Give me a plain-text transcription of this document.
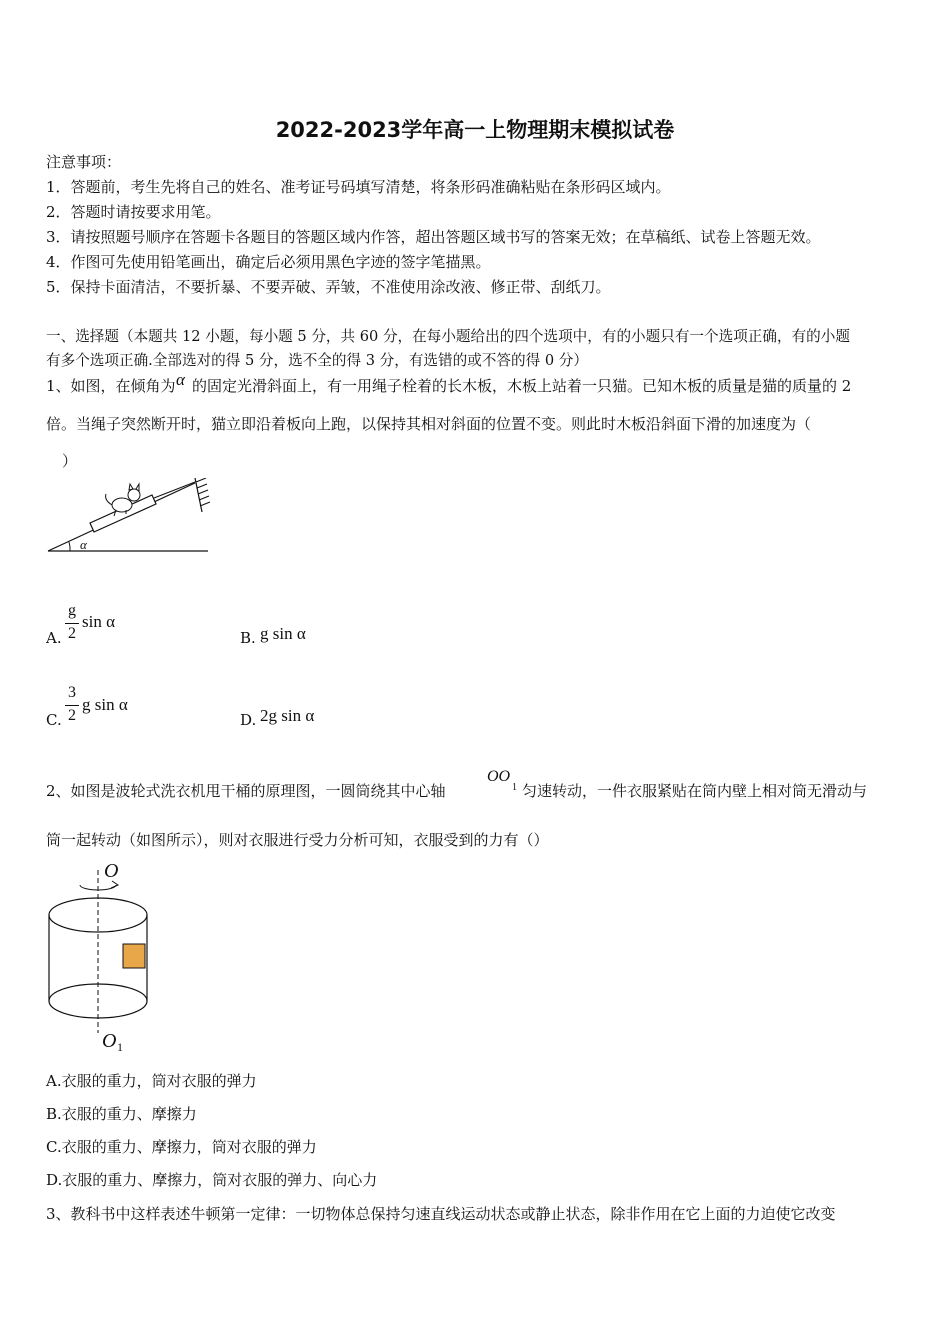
2022-2023学年高一上物理期末模拟试卷
注意事项：
1．答题前，考生先将自己的姓名、准考证号码填写清楚，将条形码准确粘贴在条形码区域内。
2．答题时请按要求用笔。
3．请按照题号顺序在答题卡各题目的答题区域内作答，超出答题区域书写的答案无效；在草稿纸、试卷上答题无效。
4．作图可先使用铅笔画出，确定后必须用黑色字迹的签字笔描黑。
5．保持卡面清洁，不要折暴、不要弄破、弄皱，不准使用涂改液、修正带、刮纸刀。
一、选择题（本题共 12 小题，每小题 5 分，共 60 分，在每小题给出的四个选项中，有的小题只有一个选项正确，有的小题
有多个选项正确.全部选对的得 5 分，选不全的得 3 分，有选错的或不答的得 0 分）
1、如图，在倾角为 α 的固定光滑斜面上，有一用绳子栓着的长木板，木板上站着一只猫。已知木板的质量是猫的质量的 2
倍。当绳子突然断开时，猫立即沿着板向上跑，以保持其相对斜面的位置不变。则此时木板沿斜面下滑的加速度为（
）
α
A.
g
2
sin α
B. g sin α
C.
3
2
g sin α
D. 2g sin α
2、如图是波轮式洗衣机甩干桶的原理图，一圆筒绕其中心轴
OO
1 匀速转动，一件衣服紧贴在筒内壁上相对筒无滑动与
筒一起转动（如图所示），则对衣服进行受力分析可知，衣服受到的力有（）
O
O 1
A.衣服的重力，筒对衣服的弹力
B.衣服的重力、摩擦力
C.衣服的重力、摩擦力，筒对衣服的弹力
D.衣服的重力、摩擦力，筒对衣服的弹力、向心力
3、教科书中这样表述牛顿第一定律：一切物体总保持匀速直线运动状态或静止状态，除非作用在它上面的力迫使它改变
